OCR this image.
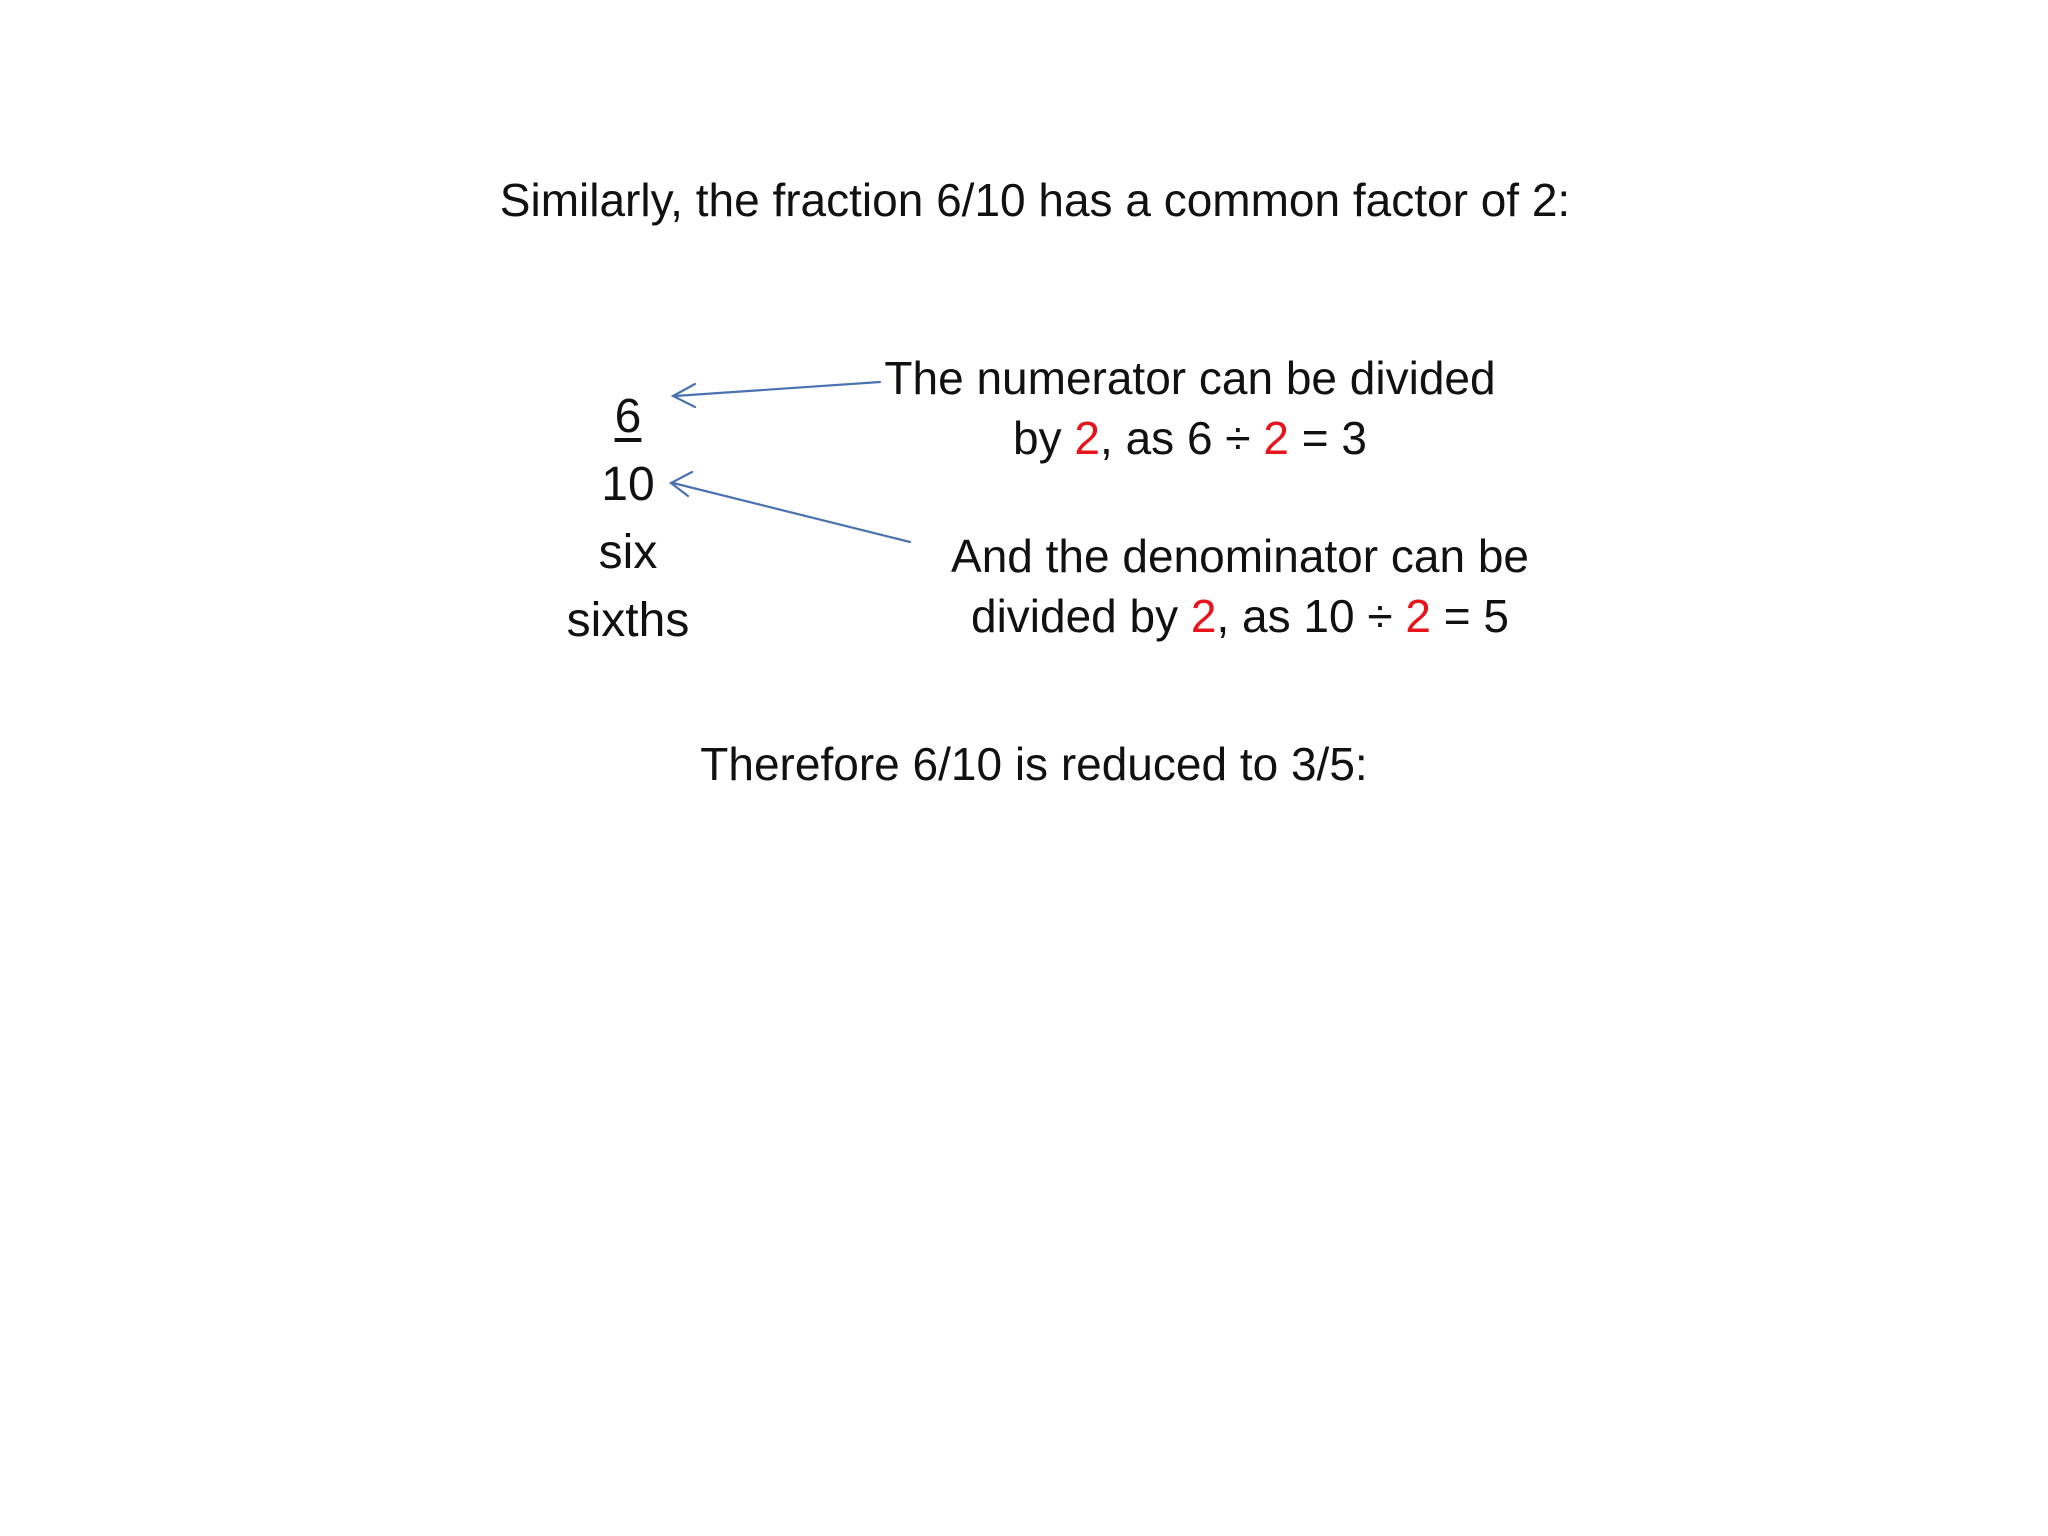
Similarly, the fraction 6/10 has a common factor of 2:
6
10
six
sixths
The numerator can be divided
by 2, as 6 ÷ 2 = 3
And the denominator can be
divided by 2, as 10 ÷ 2 = 5
Therefore 6/10 is reduced to 3/5:
